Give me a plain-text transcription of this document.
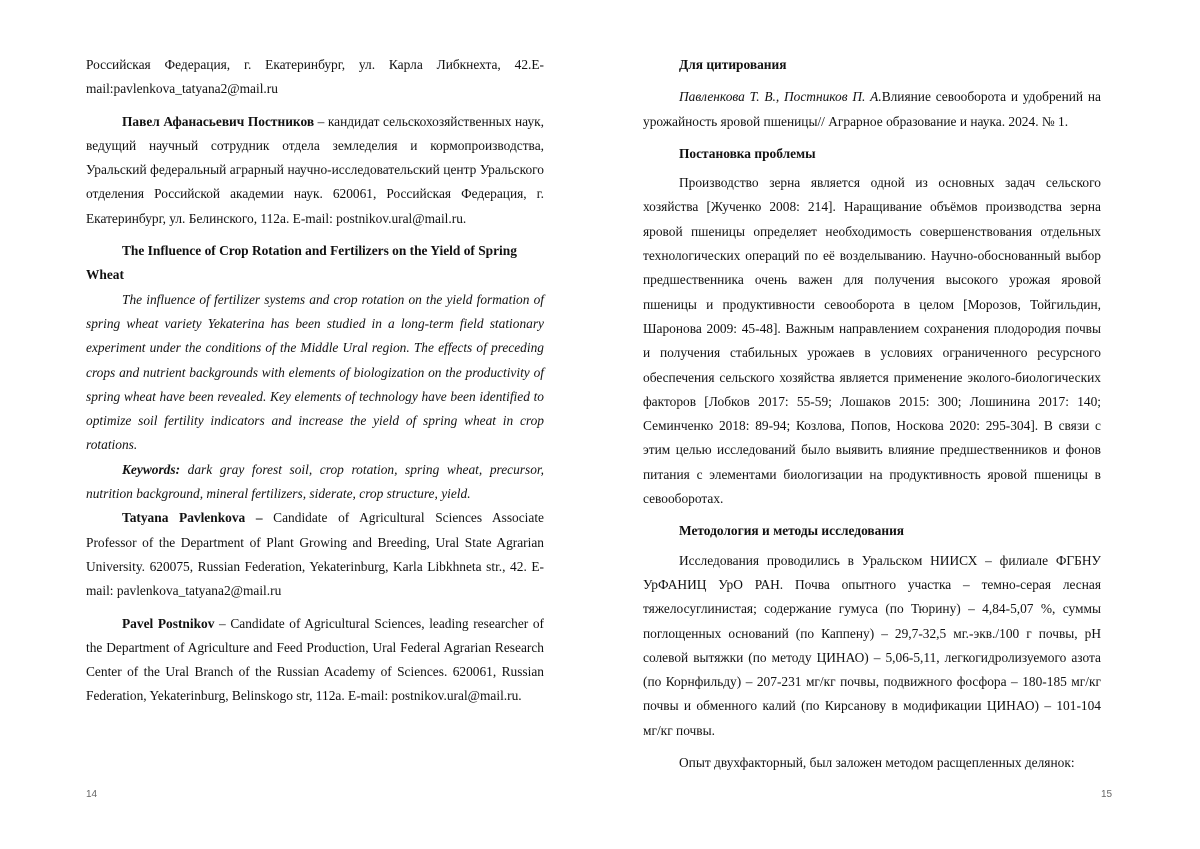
Российская Федерация, г. Екатеринбург, ул. Карла Либкнехта, 42.E-mail:pavlenkova_tatyana2@mail.ru

Павел Афанасьевич Постников – кандидат сельскохозяйственных наук, ведущий научный сотрудник отдела земледелия и кормопроизводства, Уральский федеральный аграрный научно-исследовательский центр Уральского отделения Российской академии наук. 620061, Российская Федерация, г. Екатеринбург, ул. Белинского, 112а. E-mail: postnikov.ural@mail.ru.

The Influence of Crop Rotation and Fertilizers on the Yield of Spring Wheat

The influence of fertilizer systems and crop rotation on the yield formation of spring wheat variety Yekaterina has been studied in a long-term field stationary experiment under the conditions of the Middle Ural region. The effects of preceding crops and nutrient backgrounds with elements of biologization on the productivity of spring wheat have been revealed. Key elements of technology have been identified to optimize soil fertility indicators and increase the yield of spring wheat in crop rotations.

Keywords: dark gray forest soil, crop rotation, spring wheat, precursor, nutrition background, mineral fertilizers, siderate, crop structure, yield.

Tatyana Pavlenkova – Candidate of Agricultural Sciences Associate Professor of the Department of Plant Growing and Breeding, Ural State Agrarian University. 620075, Russian Federation, Yekaterinburg, Karla Libkhneta str., 42. E-mail: pavlenkova_tatyana2@mail.ru

Pavel Postnikov – Candidate of Agricultural Sciences, leading researcher of the Department of Agriculture and Feed Production, Ural Federal Agrarian Research Center of the Ural Branch of the Russian Academy of Sciences. 620061, Russian Federation, Yekaterinburg, Belinskogo str, 112a. E-mail: postnikov.ural@mail.ru.

Для цитирования

Павленкова Т. В., Постников П. А.Влияние севооборота и удобрений на урожайность яровой пшеницы// Аграрное образование и наука. 2024. № 1.

Постановка проблемы

Производство зерна является одной из основных задач сельского хозяйства [Жученко 2008: 214]. Наращивание объёмов производства зерна яровой пшеницы определяет необходимость совершенствования отдельных технологических операций по её возделыванию. Научно-обоснованный выбор предшественника очень важен для получения высокого урожая яровой пшеницы и продуктивности севооборота в целом [Морозов, Тойгильдин, Шаронова 2009: 45-48]. Важным направлением сохранения плодородия почвы и получения стабильных урожаев в условиях ограниченного ресурсного обеспечения сельского хозяйства является применение эколого-биологических факторов [Лобков 2017: 55-59; Лошаков 2015: 300; Лошинина 2017: 140; Семинченко 2018: 89-94; Козлова, Попов, Носкова 2020: 295-304]. В связи с этим целью исследований было выявить влияние предшественников и фонов питания с элементами биологизации на продуктивность яровой пшеницы в севооборотах.

Методология и методы исследования

Исследования проводились в Уральском НИИСХ – филиале ФГБНУ УрФАНИЦ УрО РАН. Почва опытного участка – темно-серая лесная тяжелосуглинистая; содержание гумуса (по Тюрину) – 4,84-5,07 %, суммы поглощенных оснований (по Каппену) – 29,7-32,5 мг.-экв./100 г почвы, рН солевой вытяжки (по методу ЦИНАО) – 5,06-5,11, легкогидролизуемого азота (по Корнфильду) – 207-231 мг/кг почвы, подвижного фосфора – 180-185 мг/кг почвы и обменного калий (по Кирсанову в модификации ЦИНАО) – 101-104 мг/кг почвы.

Опыт двухфакторный, был заложен методом расщепленных делянок:

14	15
